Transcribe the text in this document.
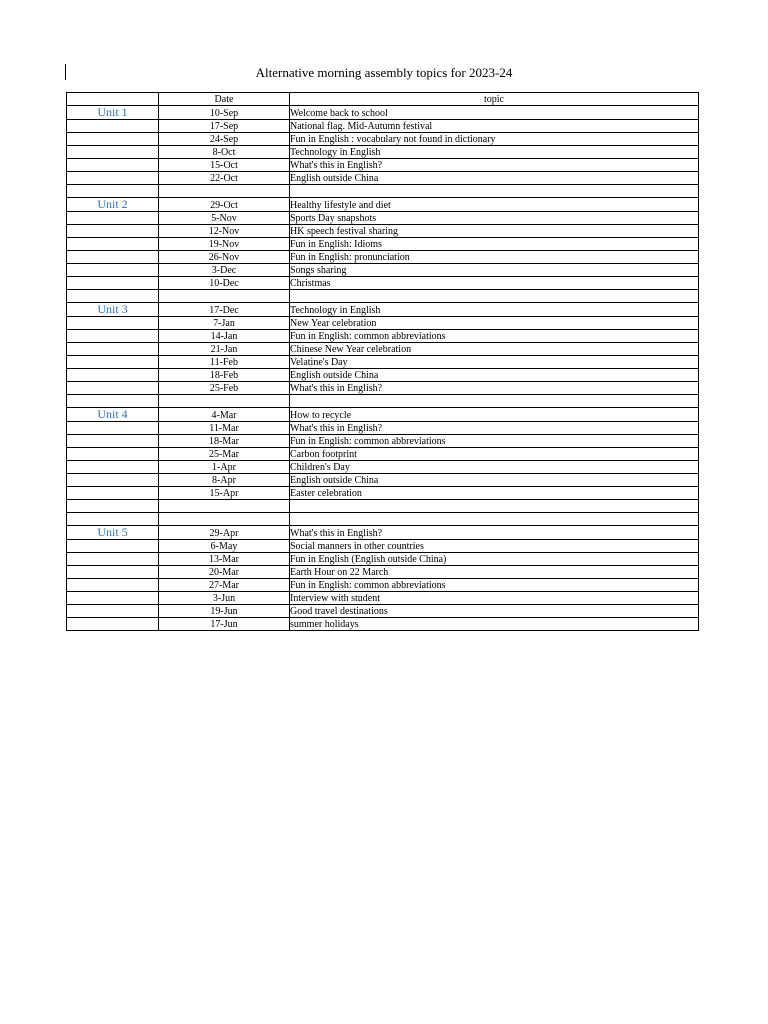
Alternative morning assembly topics for 2023-24
	Date	topic
Unit 1	10-Sep	Welcome back to school
	17-Sep	National flag. Mid-Autumn festival
	24-Sep	Fun in English : vocabulary not found in dictionary
	8-Oct	Technology in English
	15-Oct	What's this in English?
	22-Oct	English outside China

Unit 2	29-Oct	Healthy lifestyle and diet
	5-Nov	Sports Day snapshots
	12-Nov	HK speech festival sharing
	19-Nov	Fun in English: Idioms
	26-Nov	Fun in English: pronunciation
	3-Dec	Songs sharing
	10-Dec	Christmas

Unit 3	17-Dec	Technology in English
	7-Jan	New Year celebration
	14-Jan	Fun in English: common abbreviations
	21-Jan	Chinese New Year celebration
	11-Feb	Velatine's Day
	18-Feb	English outside China
	25-Feb	What's this in English?

Unit 4	4-Mar	How to recycle
	11-Mar	What's this in English?
	18-Mar	Fun in English: common abbreviations
	25-Mar	Carbon footprint
	1-Apr	Children's Day
	8-Apr	English outside China
	15-Apr	Easter celebration

Unit 5	29-Apr	What's this in English?
	6-May	Social manners in other countries
	13-Mar	Fun in English (English outside China)
	20-Mar	Earth Hour on 22 March
	27-Mar	Fun in English: common abbreviations
	3-Jun	Interview with student
	19-Jun	Good travel destinations
	17-Jun	summer holidays
